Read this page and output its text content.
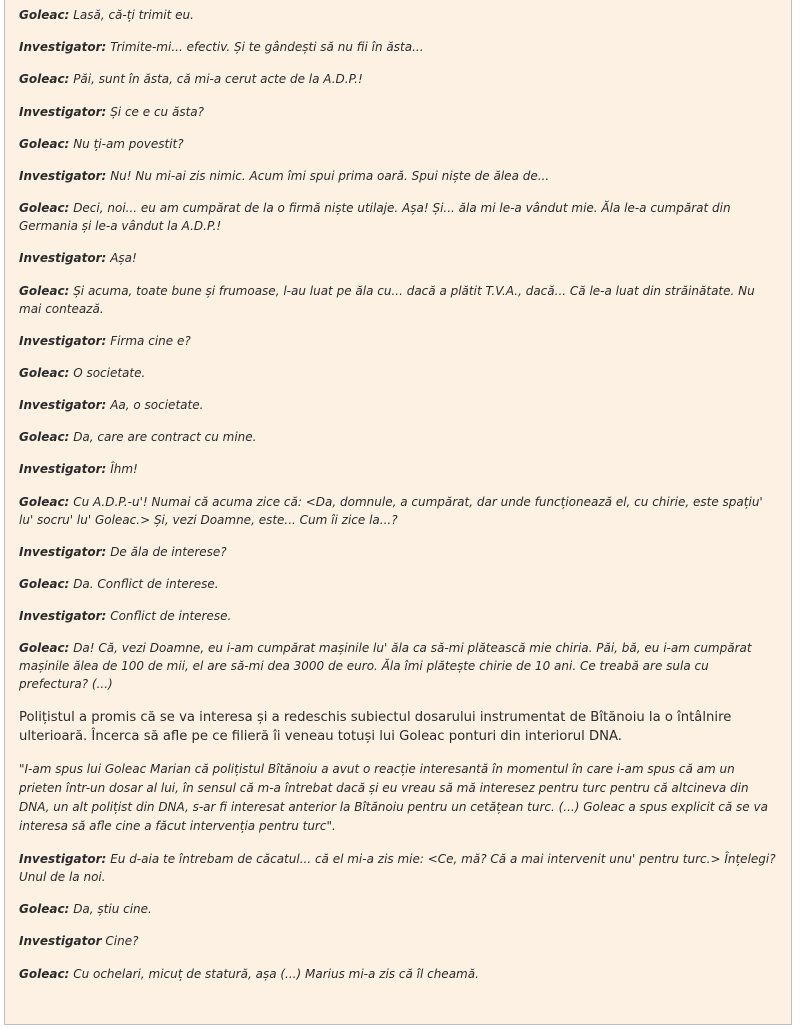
Goleac: Lasă, că-ți trimit eu.

Investigator: Trimite-mi... efectiv. Și te gândești să nu fii în ăsta...

Goleac: Păi, sunt în ăsta, că mi-a cerut acte de la A.D.P.!

Investigator: Și ce e cu ăsta?

Goleac: Nu ți-am povestit?

Investigator: Nu! Nu mi-ai zis nimic. Acum îmi spui prima oară. Spui niște de ălea de...

Goleac: Deci, noi... eu am cumpărat de la o firmă niște utilaje. Așa! Și... ăla mi le-a vândut mie. Ăla le-a cumpărat din Germania și le-a vândut la A.D.P.!

Investigator: Așa!

Goleac: Și acuma, toate bune și frumoase, l-au luat pe ăla cu... dacă a plătit T.V.A., dacă... Că le-a luat din străinătate. Nu mai contează.

Investigator: Firma cine e?

Goleac: O societate.

Investigator: Aa, o societate.

Goleac: Da, care are contract cu mine.

Investigator: Îhm!

Goleac: Cu A.D.P.-u'! Numai că acuma zice că: <Da, domnule, a cumpărat, dar unde funcționează el, cu chirie, este spațiu' lu' socru' lu' Goleac.> Și, vezi Doamne, este... Cum îi zice la...?

Investigator: De ăla de interese?

Goleac: Da. Conflict de interese.

Investigator: Conflict de interese.

Goleac: Da! Că, vezi Doamne, eu i-am cumpărat mașinile lu' ăla ca să-mi plătească mie chiria. Păi, bă, eu i-am cumpărat mașinile ălea de 100 de mii, el are să-mi dea 3000 de euro. Ăla îmi plătește chirie de 10 ani. Ce treabă are sula cu prefectura? (...)

Polițistul a promis că se va interesa și a redeschis subiectul dosarului instrumentat de Bîtănoiu la o întâlnire ulterioară. Încerca să afle pe ce filieră îi veneau totuși lui Goleac ponturi din interiorul DNA.

"I-am spus lui Goleac Marian că polițistul Bîtănoiu a avut o reacție interesantă în momentul în care i-am spus că am un prieten într-un dosar al lui, în sensul că m-a întrebat dacă și eu vreau să mă interesez pentru turc pentru că altcineva din DNA, un alt polițist din DNA, s-ar fi interesat anterior la Bîtănoiu pentru un cetățean turc. (...) Goleac a spus explicit că se va interesa să afle cine a făcut intervenția pentru turc".

Investigator: Eu d-aia te întrebam de căcatul... că el mi-a zis mie: <Ce, mă? Că a mai intervenit unu' pentru turc.> Înțelegi? Unul de la noi.

Goleac: Da, știu cine.

Investigator Cine?

Goleac: Cu ochelari, micuț de statură, așa (...) Marius mi-a zis că îl cheamă.
